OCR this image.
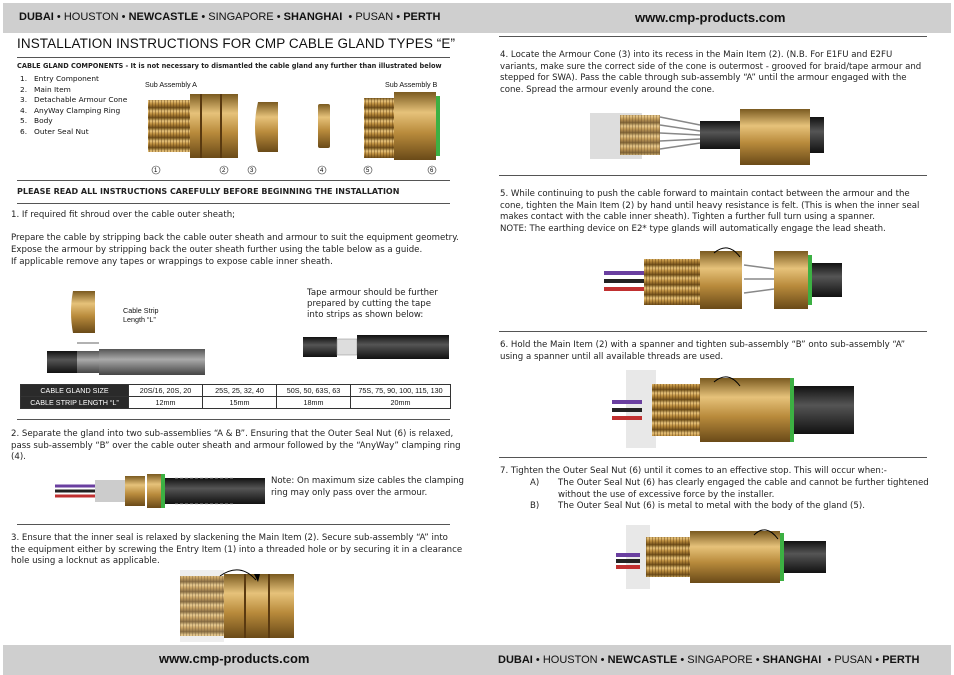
DUBAI • HOUSTON • NEWCASTLE • SINGAPORE • SHANGHAI  • PUSAN • PERTH	www.cmp-products.com
www.cmp-products.com	DUBAI • HOUSTON • NEWCASTLE • SINGAPORE • SHANGHAI  • PUSAN • PERTH
INSTALLATION INSTRUCTIONS FOR CMP CABLE GLAND TYPES “E”
CABLE GLAND COMPONENTS - It is not necessary to dismantled the cable gland any further than illustrated below
1. Entry Component
2. Main Item
3. Detachable Armour Cone
4. AnyWay Clamping Ring
5. Body
6. Outer Seal Nut
Sub Assembly A	Sub Assembly B
1	2	3	4	5	6
PLEASE READ ALL INSTRUCTIONS CAREFULLY BEFORE BEGINNING THE INSTALLATION
1. If required fit shroud over the cable outer sheath;
Prepare the cable by stripping back the cable outer sheath and armour to suit the equipment geometry.
Expose the armour by stripping back the outer sheath further using the table below as a guide.
If applicable remove any tapes or wrappings to expose cable inner sheath.
Cable Strip
Length “L”
Tape armour should be further
prepared by cutting the tape
into strips as shown below:
CABLE GLAND SIZE	20S/16, 20S, 20	25S, 25, 32, 40	50S, 50, 63S, 63	75S, 75, 90, 100, 115, 130
CABLE STRIP LENGTH “L”	12mm	15mm	18mm	20mm
2. Separate the gland into two sub-assemblies “A & B”. Ensuring that the Outer Seal Nut (6) is relaxed,
pass sub-assembly “B” over the cable outer sheath and armour followed by the “AnyWay” clamping ring
(4).
Note: On maximum size cables the clamping
ring may only pass over the armour.
3. Ensure that the inner seal is relaxed by slackening the Main Item (2). Secure sub-assembly “A” into
the equipment either by screwing the Entry Item (1) into a threaded hole or by securing it in a clearance
hole using a locknut as applicable.
4. Locate the Armour Cone (3) into its recess in the Main Item (2). (N.B. For E1FU and E2FU
variants, make sure the correct side of the cone is outermost - grooved for braid/tape armour and
stepped for SWA). Pass the cable through sub-assembly “A” until the armour engaged with the
cone. Spread the armour evenly around the cone.
5. While continuing to push the cable forward to maintain contact between the armour and the
cone, tighten the Main Item (2) by hand until heavy resistance is felt. (This is when the inner seal
makes contact with the cable inner sheath). Tighten a further full turn using a spanner.
NOTE: The earthing device on E2* type glands will automatically engage the lead sheath.
6. Hold the Main Item (2) with a spanner and tighten sub-assembly “B” onto sub-assembly “A”
using a spanner until all available threads are used.
7. Tighten the Outer Seal Nut (6) until it comes to an effective stop. This will occur when:-
A) The Outer Seal Nut (6) has clearly engaged the cable and cannot be further tightened
without the use of excessive force by the installer.
B) The Outer Seal Nut (6) is metal to metal with the body of the gland (5).
